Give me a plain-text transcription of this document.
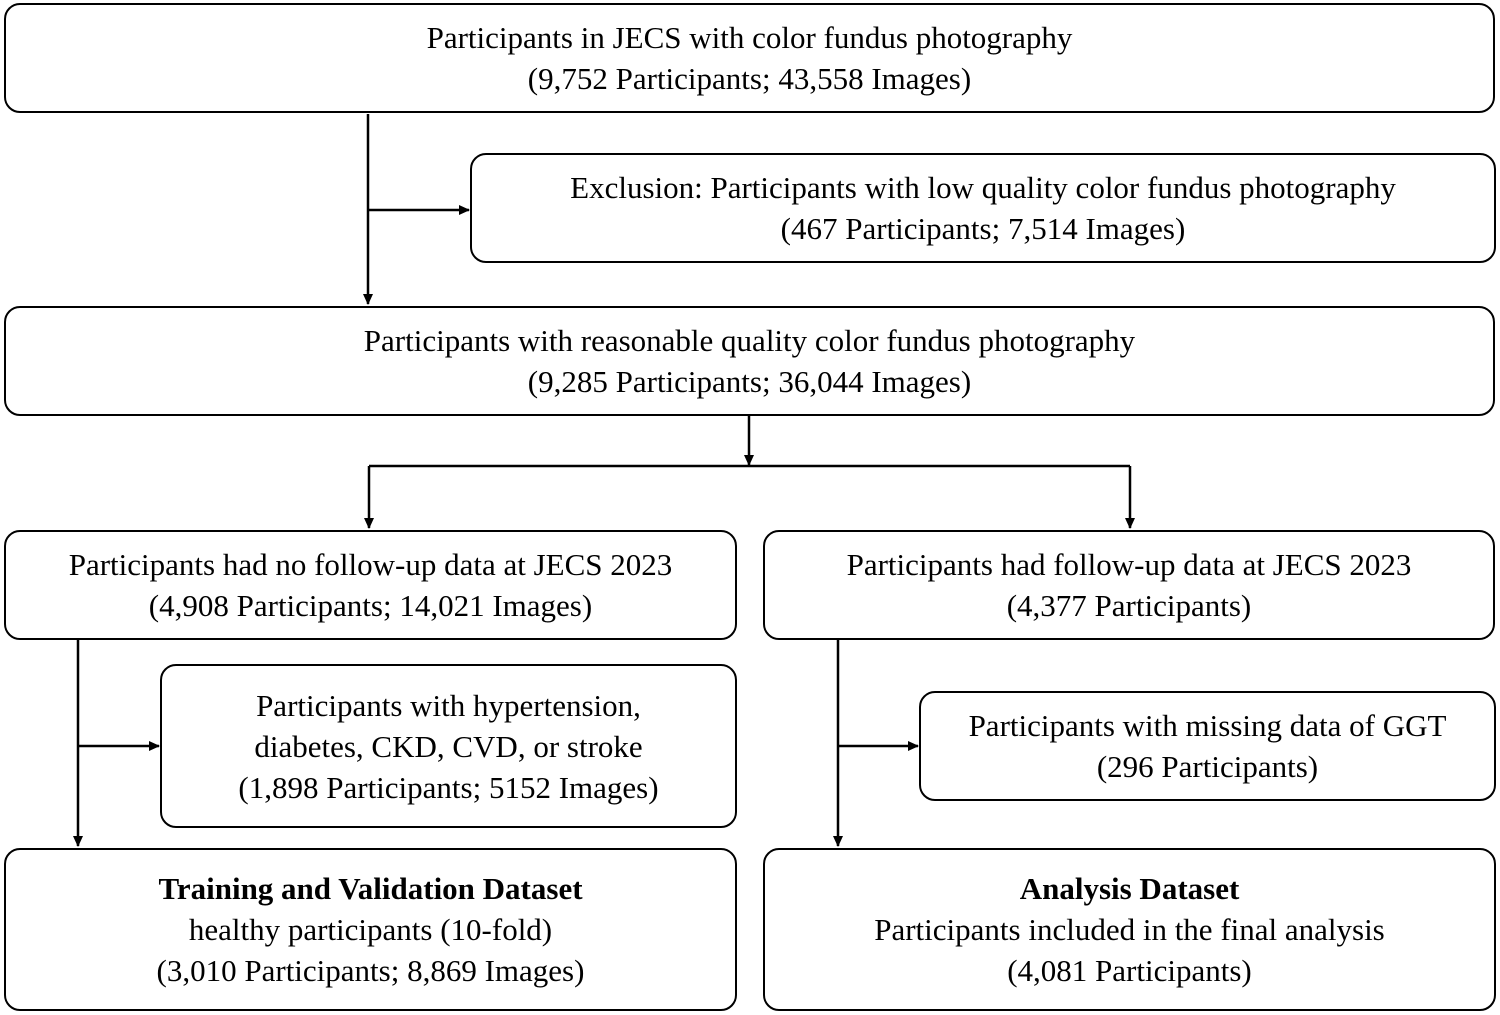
Participants in JECS with color fundus photography
(9,752 Participants; 43,558 Images)
Exclusion: Participants with low quality color fundus photography
(467 Participants; 7,514 Images)
Participants with reasonable quality color fundus photography
(9,285 Participants; 36,044 Images)
Participants had no follow-up data at JECS 2023
(4,908 Participants; 14,021 Images)
Participants had follow-up data at JECS 2023
(4,377 Participants)
Participants with hypertension,
diabetes, CKD, CVD, or stroke
(1,898 Participants; 5152 Images)
Participants with missing data of GGT
(296 Participants)
Training and Validation Dataset
healthy participants (10-fold)
(3,010 Participants; 8,869 Images)
Analysis Dataset
Participants included in the final analysis
(4,081 Participants)
